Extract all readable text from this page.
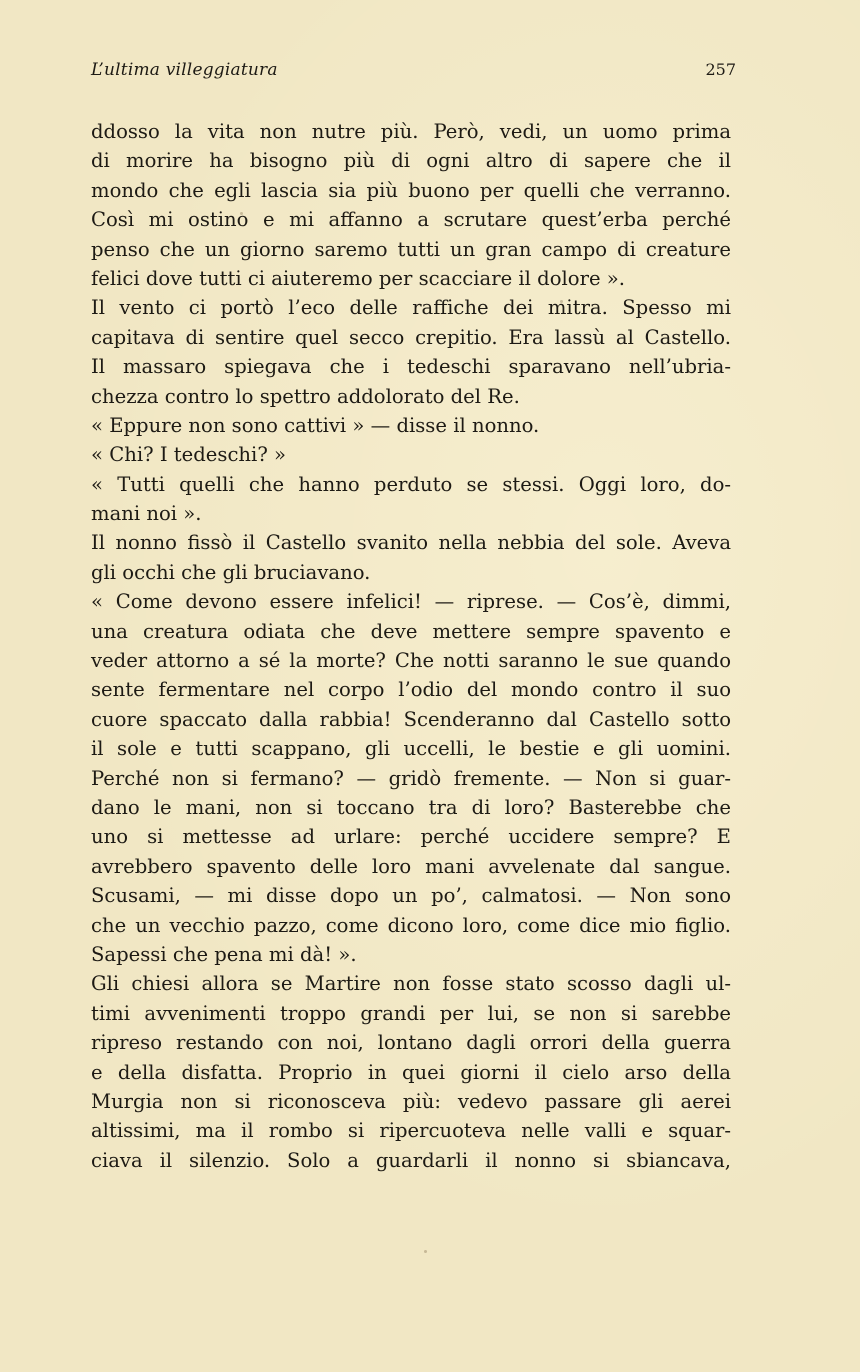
L’ultima villeggiatura	257
ddosso la vita non nutre più. Però, vedi, un uomo prima
di morire ha bisogno più di ogni altro di sapere che il
mondo che egli lascia sia più buono per quelli che verranno.
Così mi ostino e mi affanno a scrutare quest’erba perché
penso che un giorno saremo tutti un gran campo di creature
felici dove tutti ci aiuteremo per scacciare il dolore ».
Il vento ci portò l’eco delle raffiche dei mitra. Spesso mi
capitava di sentire quel secco crepitio. Era lassù al Castello.
Il massaro spiegava che i tedeschi sparavano nell’ubria-
chezza contro lo spettro addolorato del Re.
« Eppure non sono cattivi » — disse il nonno.
« Chi? I tedeschi? »
« Tutti quelli che hanno perduto se stessi. Oggi loro, do-
mani noi ».
Il nonno fissò il Castello svanito nella nebbia del sole. Aveva
gli occhi che gli bruciavano.
« Come devono essere infelici! — riprese. — Cos’è, dimmi,
una creatura odiata che deve mettere sempre spavento e
veder attorno a sé la morte? Che notti saranno le sue quando
sente fermentare nel corpo l’odio del mondo contro il suo
cuore spaccato dalla rabbia! Scenderanno dal Castello sotto
il sole e tutti scappano, gli uccelli, le bestie e gli uomini.
Perché non si fermano? — gridò fremente. — Non si guar-
dano le mani, non si toccano tra di loro? Basterebbe che
uno si mettesse ad urlare: perché uccidere sempre? E
avrebbero spavento delle loro mani avvelenate dal sangue.
Scusami, — mi disse dopo un po’, calmatosi. — Non sono
che un vecchio pazzo, come dicono loro, come dice mio figlio.
Sapessi che pena mi dà! ».
Gli chiesi allora se Martire non fosse stato scosso dagli ul-
timi avvenimenti troppo grandi per lui, se non si sarebbe
ripreso restando con noi, lontano dagli orrori della guerra
e della disfatta. Proprio in quei giorni il cielo arso della
Murgia non si riconosceva più: vedevo passare gli aerei
altissimi, ma il rombo si ripercuoteva nelle valli e squar-
ciava il silenzio. Solo a guardarli il nonno si sbiancava,
